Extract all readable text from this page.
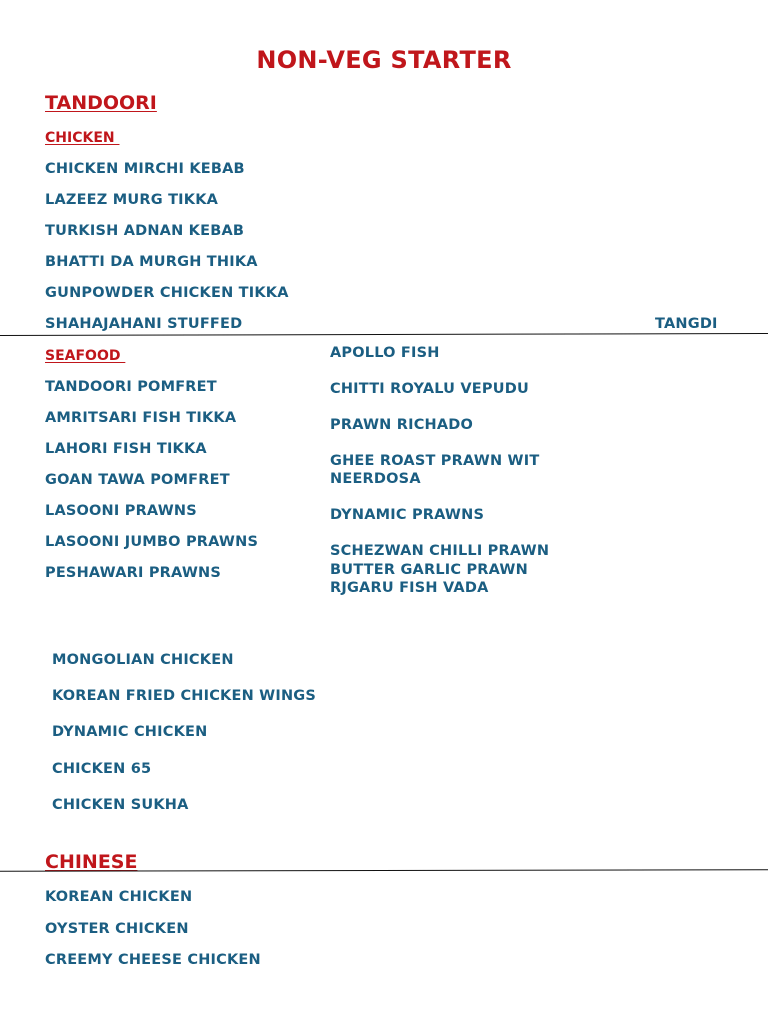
NON-VEG STARTER
TANDOORI
CHICKEN
CHICKEN MIRCHI KEBAB
LAZEEZ MURG TIKKA
TURKISH ADNAN KEBAB
BHATTI DA MURGH THIKA
GUNPOWDER CHICKEN TIKKA
SHAHAJAHANI STUFFED	TANGDI
SEAFOOD
TANDOORI POMFRET
AMRITSARI FISH TIKKA
LAHORI FISH TIKKA
GOAN TAWA POMFRET
LASOONI PRAWNS
LASOONI JUMBO PRAWNS
PESHAWARI PRAWNS
APOLLO FISH
CHITTI ROYALU VEPUDU
PRAWN RICHADO
GHEE ROAST PRAWN WIT
NEERDOSA
DYNAMIC PRAWNS
SCHEZWAN CHILLI PRAWN
BUTTER GARLIC PRAWN
RJGARU FISH VADA
MONGOLIAN CHICKEN
KOREAN FRIED CHICKEN WINGS
DYNAMIC CHICKEN
CHICKEN 65
CHICKEN SUKHA
CHINESE
KOREAN CHICKEN
OYSTER CHICKEN
CREEMY CHEESE CHICKEN
